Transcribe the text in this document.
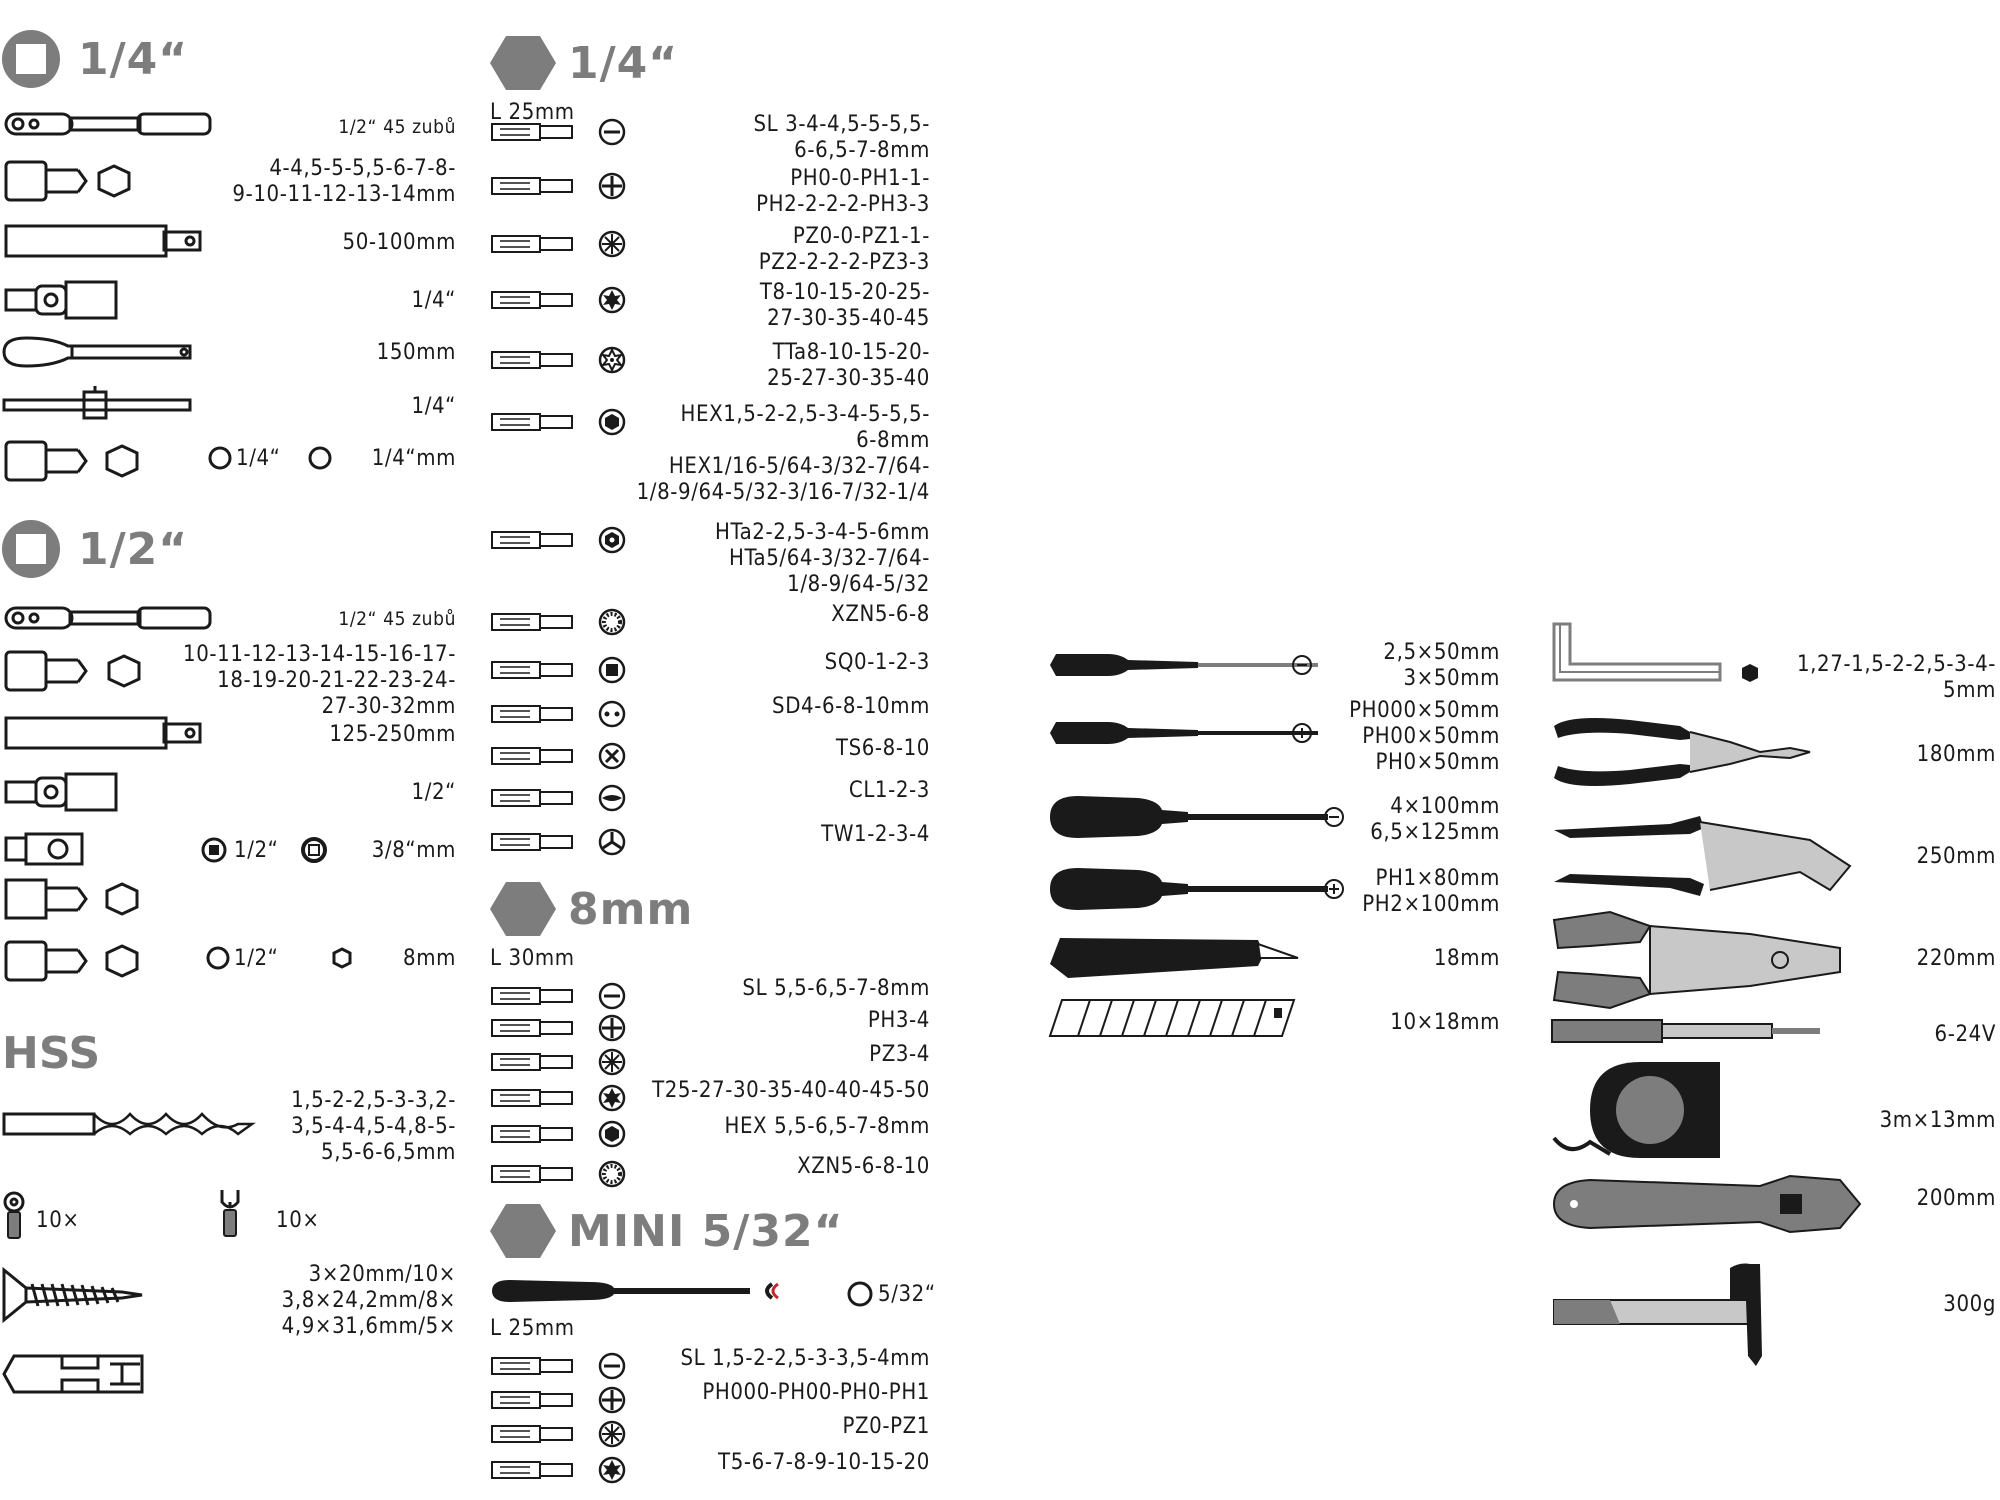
1/4“
1/2“ 45 zubů
4-4,5-5-5,5-6-7-8-
9-10-11-12-13-14mm
50-100mm
1/4“
150mm
1/4“
1/4“	1/4“mm
1/2“
1/2“ 45 zubů
10-11-12-13-14-15-16-17-
18-19-20-21-22-23-24-
27-30-32mm
125-250mm
1/2“
1/2“	3/8“mm
1/2“	8mm
HSS
1,5-2-2,5-3-3,2-
3,5-4-4,5-4,8-5-
5,5-6-6,5mm
10×	10×
3×20mm/10×
3,8×24,2mm/8×
4,9×31,6mm/5×
1/4“
L 25mm	SL 3-4-4,5-5-5,5-
6-6,5-7-8mm
PH0-0-PH1-1-
PH2-2-2-2-PH3-3
PZ0-0-PZ1-1-
PZ2-2-2-2-PZ3-3
T8-10-15-20-25-
27-30-35-40-45
TTa8-10-15-20-
25-27-30-35-40
HEX1,5-2-2,5-3-4-5-5,5-
6-8mm
HEX1/16-5/64-3/32-7/64-
1/8-9/64-5/32-3/16-7/32-1/4
HTa2-2,5-3-4-5-6mm
HTa5/64-3/32-7/64-
1/8-9/64-5/32
XZN5-6-8
SQ0-1-2-3
SD4-6-8-10mm
TS6-8-10
CL1-2-3
TW1-2-3-4
8mm
L 30mm
SL 5,5-6,5-7-8mm
PH3-4
PZ3-4
T25-27-30-35-40-40-45-50
HEX 5,5-6,5-7-8mm
XZN5-6-8-10
MINI 5/32“
5/32“
L 25mm
SL 1,5-2-2,5-3-3,5-4mm
PH000-PH00-PH0-PH1
PZ0-PZ1
T5-6-7-8-9-10-15-20
2,5×50mm
3×50mm
PH000×50mm
PH00×50mm
PH0×50mm
4×100mm
6,5×125mm
PH1×80mm
PH2×100mm
18mm
10×18mm
1,27-1,5-2-2,5-3-4-
5mm
180mm
250mm
220mm
6-24V
3m×13mm
200mm
300g
